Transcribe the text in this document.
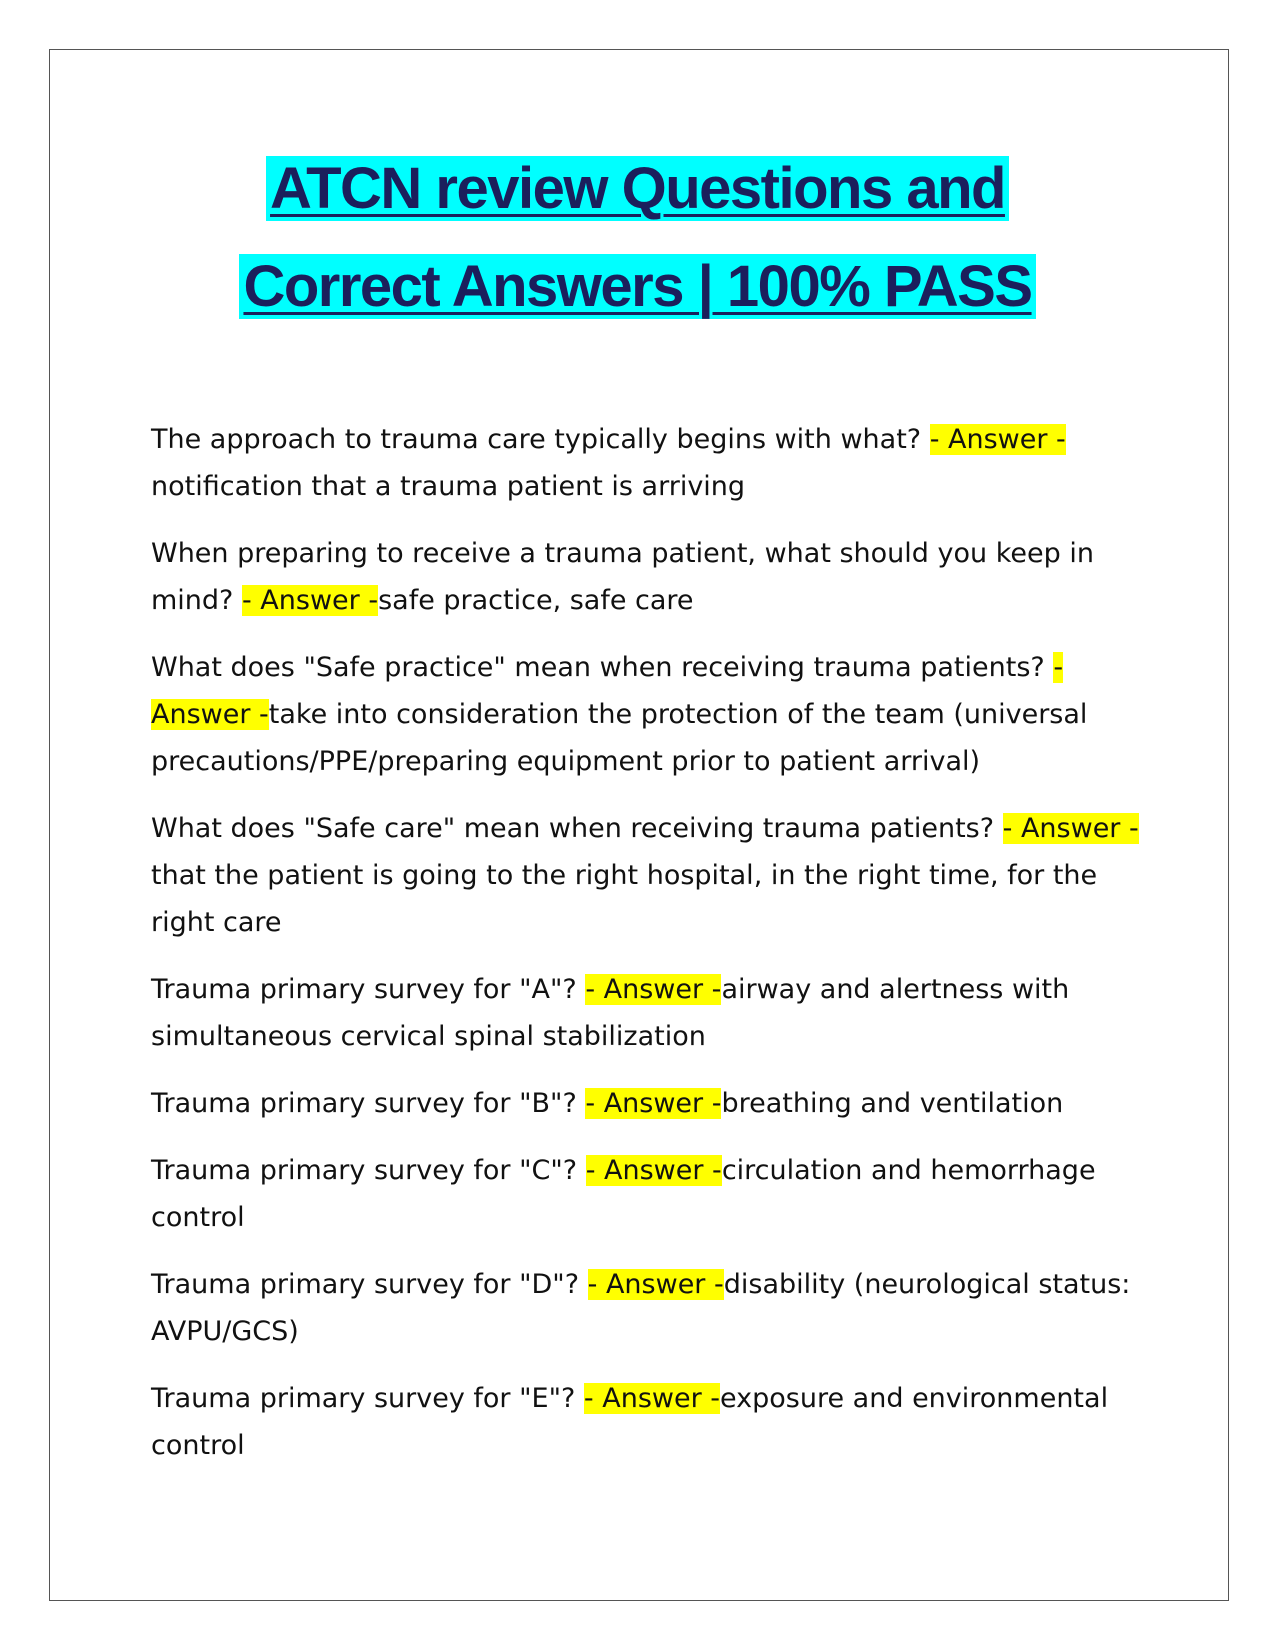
ATCN review Questions and
Correct Answers | 100% PASS

The approach to trauma care typically begins with what? - Answer -notification that a trauma patient is arriving

When preparing to receive a trauma patient, what should you keep in mind? - Answer -safe practice, safe care

What does "Safe practice" mean when receiving trauma patients? - Answer -take into consideration the protection of the team (universal precautions/PPE/preparing equipment prior to patient arrival)

What does "Safe care" mean when receiving trauma patients? - Answer -that the patient is going to the right hospital, in the right time, for the right care

Trauma primary survey for "A"? - Answer -airway and alertness with simultaneous cervical spinal stabilization

Trauma primary survey for "B"? - Answer -breathing and ventilation

Trauma primary survey for "C"? - Answer -circulation and hemorrhage control

Trauma primary survey for "D"? - Answer -disability (neurological status: AVPU/GCS)

Trauma primary survey for "E"? - Answer -exposure and environmental control
